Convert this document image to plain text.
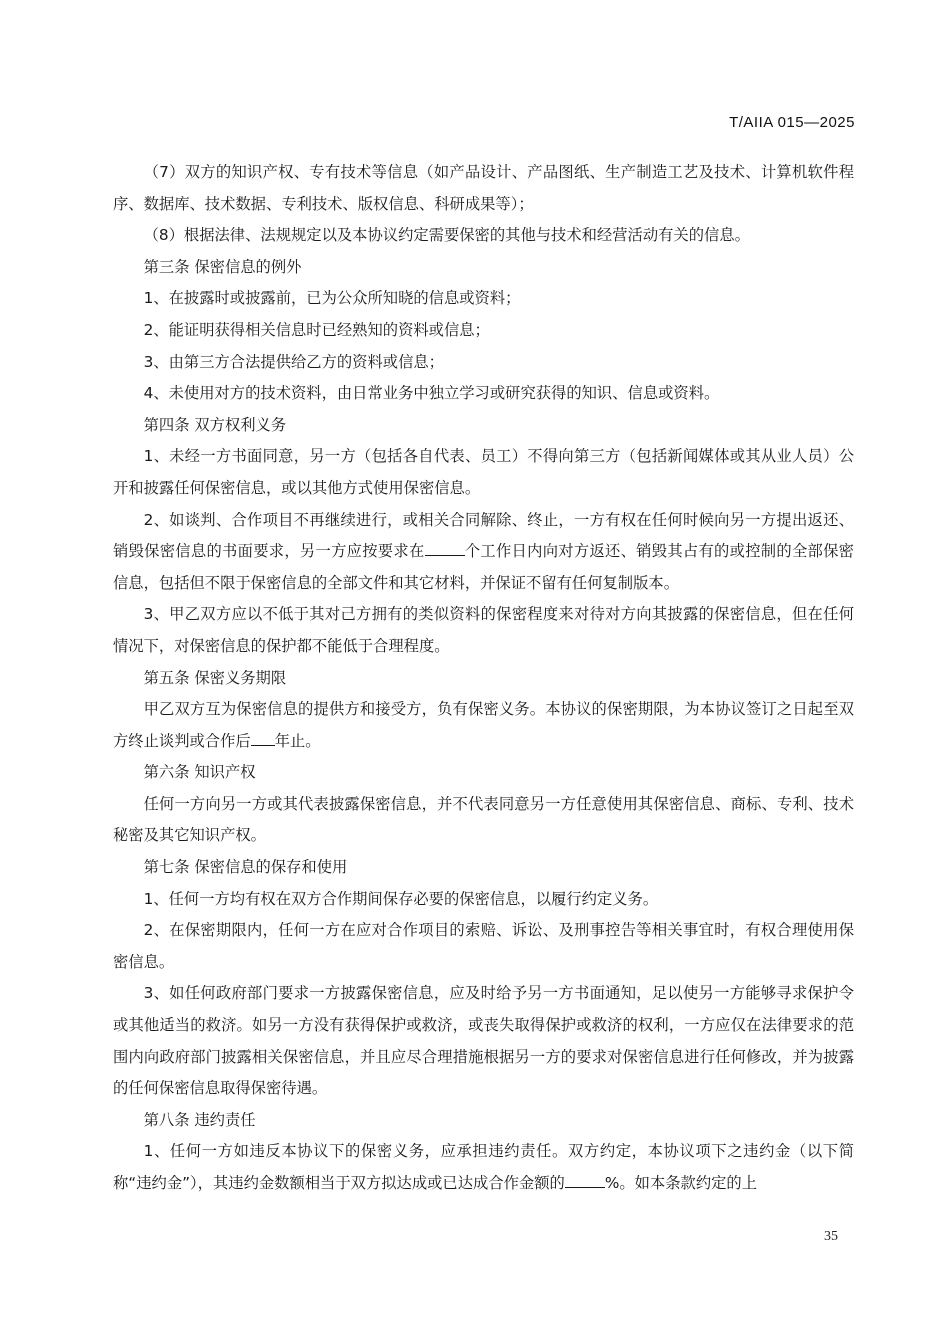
T/AIIA 015—2025

（7）双方的知识产权、专有技术等信息（如产品设计、产品图纸、生产制造工艺及技术、计算机软件程序、数据库、技术数据、专利技术、版权信息、科研成果等）；

（8）根据法律、法规规定以及本协议约定需要保密的其他与技术和经营活动有关的信息。

第三条 保密信息的例外

1、在披露时或披露前，已为公众所知晓的信息或资料；

2、能证明获得相关信息时已经熟知的资料或信息；

3、由第三方合法提供给乙方的资料或信息；

4、未使用对方的技术资料，由日常业务中独立学习或研究获得的知识、信息或资料。

第四条 双方权利义务

1、未经一方书面同意，另一方（包括各自代表、员工）不得向第三方（包括新闻媒体或其从业人员）公开和披露任何保密信息，或以其他方式使用保密信息。

2、如谈判、合作项目不再继续进行，或相关合同解除、终止，一方有权在任何时候向另一方提出返还、销毁保密信息的书面要求，另一方应按要求在	个工作日内向对方返还、销毁其占有的或控制的全部保密信息，包括但不限于保密信息的全部文件和其它材料，并保证不留有任何复制版本。

3、甲乙双方应以不低于其对己方拥有的类似资料的保密程度来对待对方向其披露的保密信息，但在任何情况下，对保密信息的保护都不能低于合理程度。

第五条 保密义务期限

甲乙双方互为保密信息的提供方和接受方，负有保密义务。本协议的保密期限，为本协议签订之日起至双方终止谈判或合作后 年止。

第六条 知识产权

任何一方向另一方或其代表披露保密信息，并不代表同意另一方任意使用其保密信息、商标、专利、技术秘密及其它知识产权。

第七条 保密信息的保存和使用

1、任何一方均有权在双方合作期间保存必要的保密信息，以履行约定义务。

2、在保密期限内，任何一方在应对合作项目的索赔、诉讼、及刑事控告等相关事宜时，有权合理使用保密信息。

3、如任何政府部门要求一方披露保密信息，应及时给予另一方书面通知，足以使另一方能够寻求保护令或其他适当的救济。如另一方没有获得保护或救济，或丧失取得保护或救济的权利，一方应仅在法律要求的范围内向政府部门披露相关保密信息，并且应尽合理措施根据另一方的要求对保密信息进行任何修改，并为披露的任何保密信息取得保密待遇。

第八条 违约责任

1、任何一方如违反本协议下的保密义务，应承担违约责任。双方约定，本协议项下之违约金（以下简称“违约金”），其违约金数额相当于双方拟达成或已达成合作金额的	%。如本条款约定的上

35
